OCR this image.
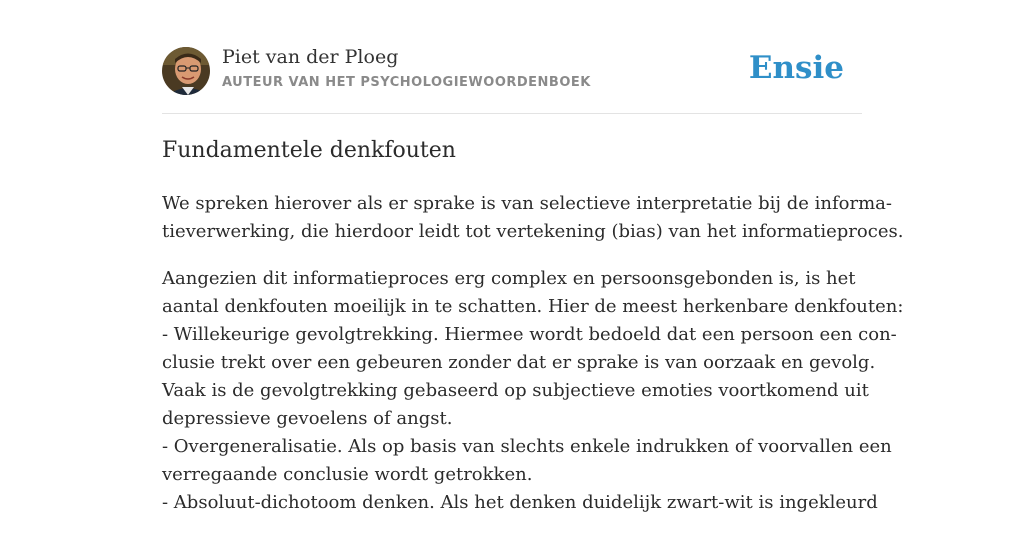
Piet van der Ploeg
AUTEUR VAN HET PSYCHOLOGIEWOORDENBOEK	Ensie
Fundamentele denkfouten

We spreken hierover als er sprake is van selectieve interpretatie bij de informa-
tieverwerking, die hierdoor leidt tot vertekening (bias) van het informatieproces.

Aangezien dit informatieproces erg complex en persoonsgebonden is, is het
aantal denkfouten moeilijk in te schatten. Hier de meest herkenbare denkfouten:
- Willekeurige gevolgtrekking. Hiermee wordt bedoeld dat een persoon een con-
clusie trekt over een gebeuren zonder dat er sprake is van oorzaak en gevolg.
Vaak is de gevolgtrekking gebaseerd op subjectieve emoties voortkomend uit
depressieve gevoelens of angst.
- Overgeneralisatie. Als op basis van slechts enkele indrukken of voorvallen een
verregaande conclusie wordt getrokken.
- Absoluut-dichotoom denken. Als het denken duidelijk zwart-wit is ingekleurd
